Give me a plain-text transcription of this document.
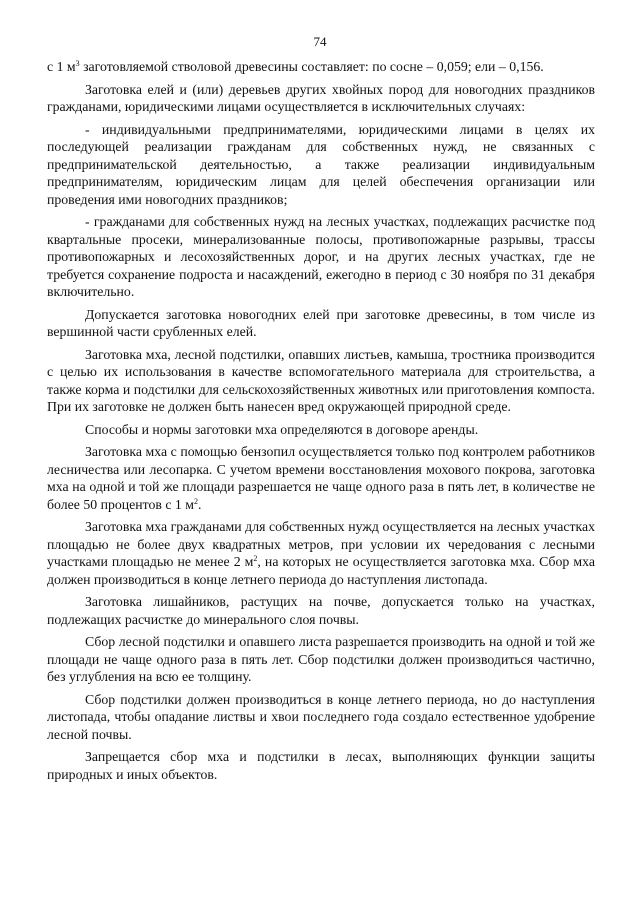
74

с 1 $м^3$ заготовляемой стволовой древесины составляет: по сосне – 0,059; ели – 0,156.

Заготовка елей и (или) деревьев других хвойных пород для новогодних праздников гражданами, юридическими лицами осуществляется в исключительных случаях:

- индивидуальными предпринимателями, юридическими лицами в целях их последующей реализации гражданам для собственных нужд, не связанных с предпринимательской деятельностью, а также реализации индивидуальным предпринимателям, юридическим лицам для целей обеспечения организации или проведения ими новогодних праздников;

- гражданами для собственных нужд на лесных участках, подлежащих расчистке под квартальные просеки, минерализованные полосы, противопожарные разрывы, трассы противопожарных и лесохозяйственных дорог, и на других лесных участках, где не требуется сохранение подроста и насаждений, ежегодно в период с 30 ноября по 31 декабря включительно.

Допускается заготовка новогодних елей при заготовке древесины, в том числе из вершинной части срубленных елей.

Заготовка мха, лесной подстилки, опавших листьев, камыша, тростника производится с целью их использования в качестве вспомогательного материала для строительства, а также корма и подстилки для сельскохозяйственных животных или приготовления компоста. При их заготовке не должен быть нанесен вред окружающей природной среде.

Способы и нормы заготовки мха определяются в договоре аренды.

Заготовка мха с помощью бензопил осуществляется только под контролем работников лесничества или лесопарка. С учетом времени восстановления мохового покрова, заготовка мха на одной и той же площади разрешается не чаще одного раза в пять лет, в количестве не более 50 процентов с 1 $м^2$.

Заготовка мха гражданами для собственных нужд осуществляется на лесных участках площадью не более двух квадратных метров, при условии их чередования с лесными участками площадью не менее 2 $м^2$, на которых не осуществляется заготовка мха. Сбор мха должен производиться в конце летнего периода до наступления листопада.

Заготовка лишайников, растущих на почве, допускается только на участках, подлежащих расчистке до минерального слоя почвы.

Сбор лесной подстилки и опавшего листа разрешается производить на одной и той же площади не чаще одного раза в пять лет. Сбор подстилки должен производиться частично, без углубления на всю ее толщину.

Сбор подстилки должен производиться в конце летнего периода, но до наступления листопада, чтобы опадание листвы и хвои последнего года создало естественное удобрение лесной почвы.

Запрещается сбор мха и подстилки в лесах, выполняющих функции защиты природных и иных объектов.
